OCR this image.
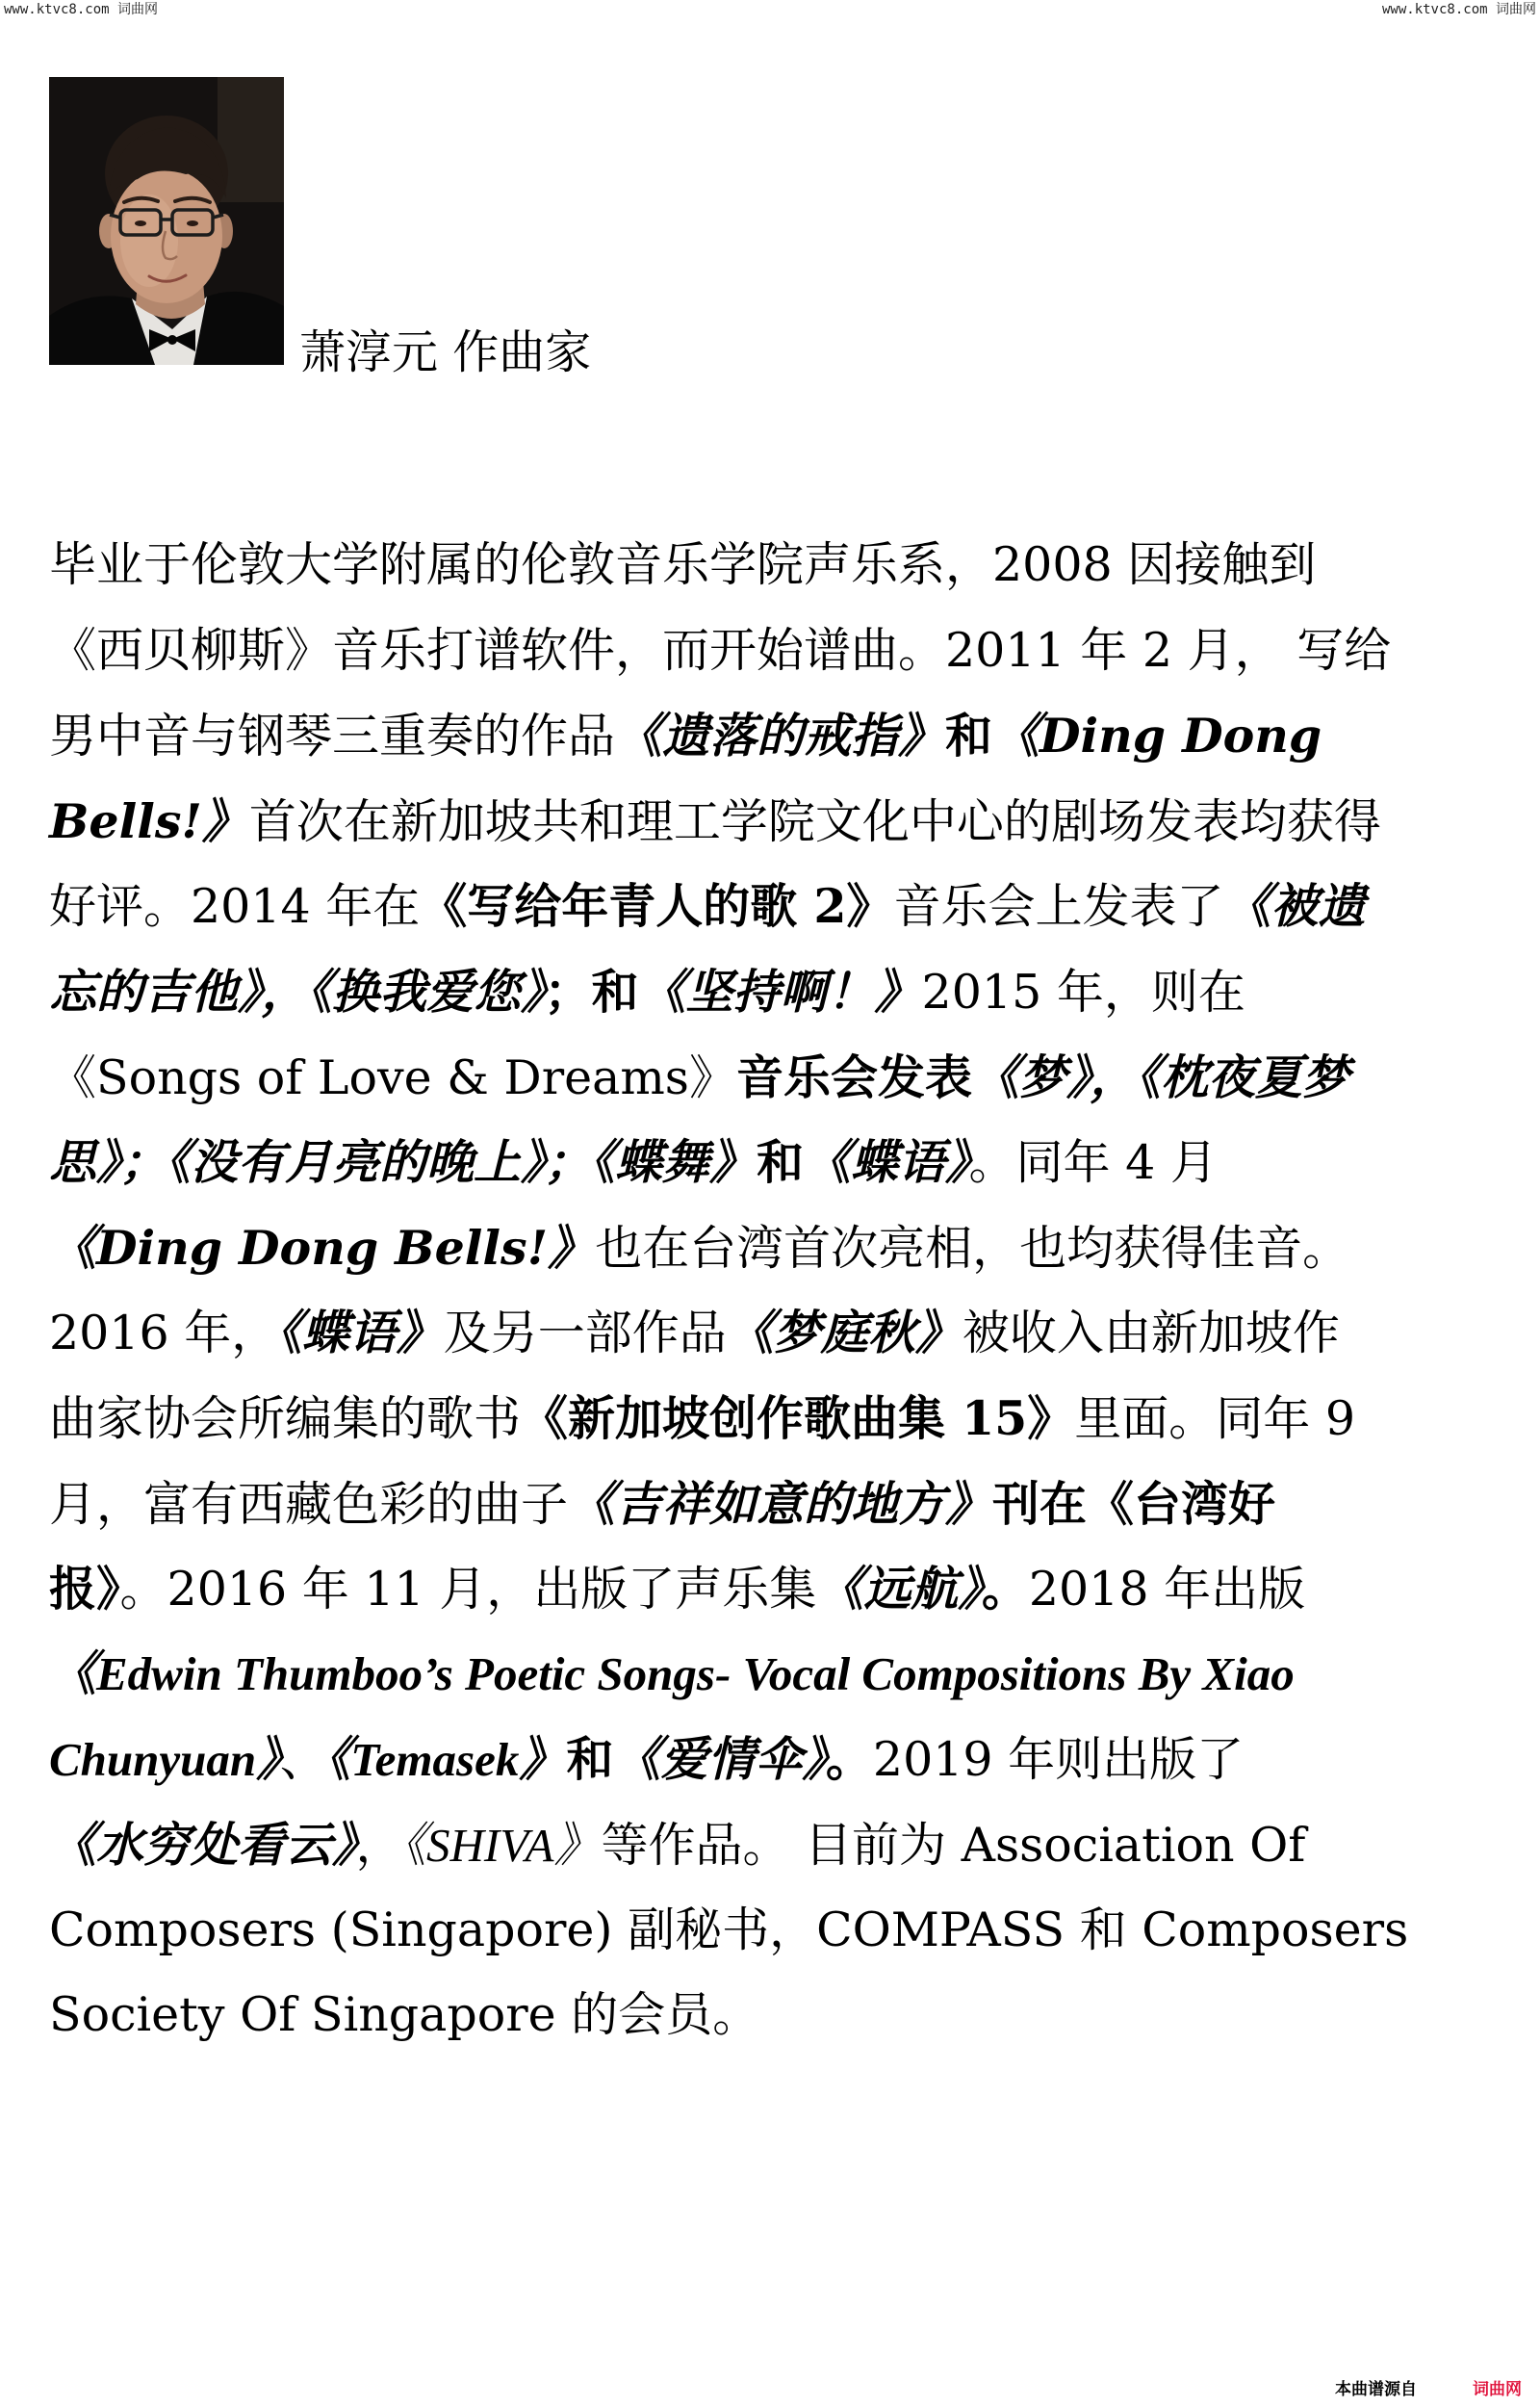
www.ktvc8.com 词曲网	www.ktvc8.com 词曲网
萧淳元 作曲家
毕业于伦敦大学附属的伦敦音乐学院声乐系，2008 因接触到
《西贝柳斯》音乐打谱软件，而开始谱曲。2011 年 2 月， 写给
男中音与钢琴三重奏的作品《遗落的戒指》和《Ding Dong
Bells!》首次在新加坡共和理工学院文化中心的剧场发表均获得
好评。2014 年在《写给年青人的歌 2》音乐会上发表了《被遗
忘的吉他》，《换我爱您》；和《坚持啊！》2015 年，则在
《Songs of Love & Dreams》音乐会发表《梦》，《枕夜夏梦
思》；《没有月亮的晚上》；《蝶舞》和《蝶语》。同年 4 月
《Ding Dong Bells!》也在台湾首次亮相，也均获得佳音。
2016 年，《蝶语》及另一部作品《梦庭秋》被收入由新加坡作
曲家协会所编集的歌书《新加坡创作歌曲集 15》里面。同年 9
月，富有西藏色彩的曲子《吉祥如意的地方》刊在《台湾好
报》。2016 年 11 月，出版了声乐集《远航》。2018 年出版
《Edwin Thumboo’s Poetic Songs- Vocal Compositions By Xiao
Chunyuan》、《Temasek》和《爱情伞》。2019 年则出版了
《水穷处看云》，《SHIVA》等作品。 目前为 Association Of
Composers (Singapore) 副秘书，COMPASS 和 Composers
Society Of Singapore 的会员。
本曲谱源自	词曲网
